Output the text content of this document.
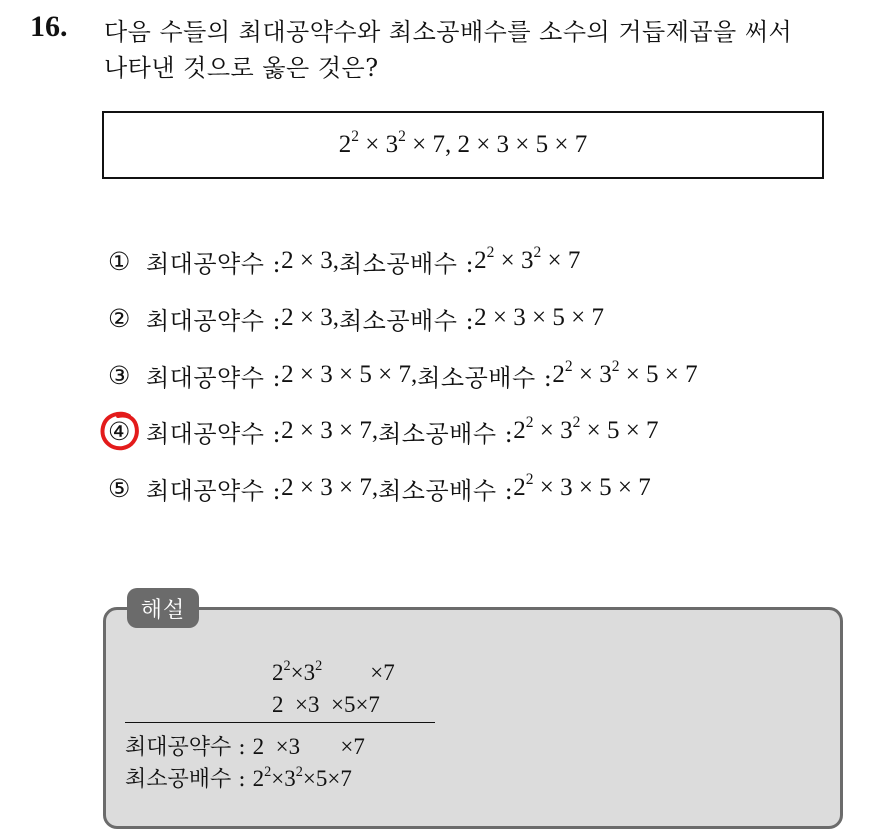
16. 다음 수들의 최대공약수와 최소공배수를 소수의 거듭제곱을 써서
나타낸 것으로 옳은 것은?
$2^2 \times 3^2 \times 7$, 2 × 3 × 5 × 7
① 최대공약수 : 2 × 3 , 최소공배수 : $2^2 \times 3^2 \times 7$
② 최대공약수 : 2 × 3 , 최소공배수 : 2 × 3 × 5 × 7
③ 최대공약수 : 2 × 3 × 5 × 7 , 최소공배수 : $2^2 \times 3^2 \times 5 \times 7$
④ 최대공약수 : 2 × 3 × 7 , 최소공배수 : $2^2 \times 3^2 \times 5 \times 7$
⑤ 최대공약수 : 2 × 3 × 7 , 최소공배수 : $2^2 \times 3 \times 5 \times 7$
해설
$2^2\times 3^2 \times 7$
2  ×3  ×5×7
최대공약수 : 2  ×3       ×7
최소공배수 : $2^2\times 3^2\times 5\times 7$
